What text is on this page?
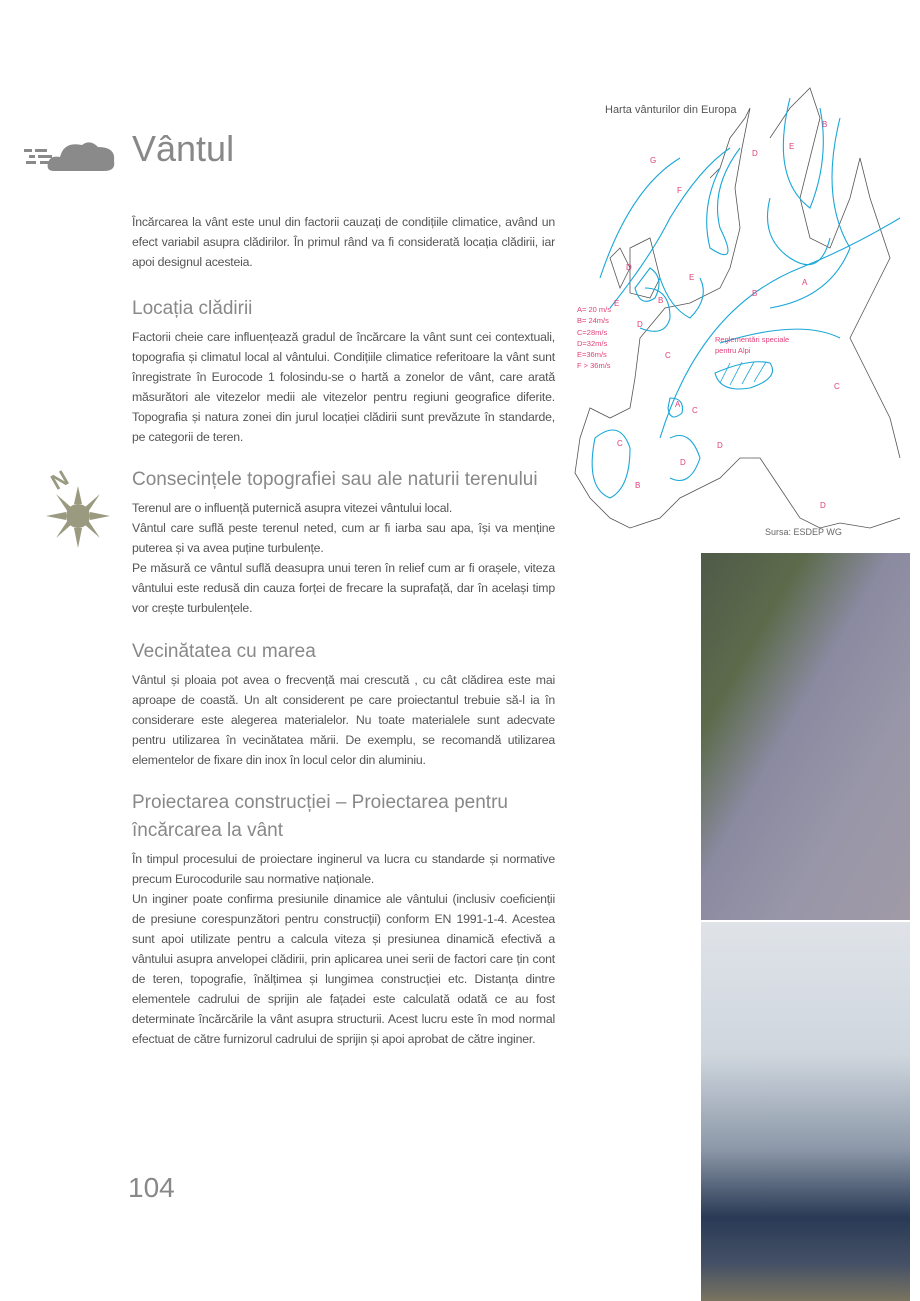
Vântul

Încărcarea la vânt este unul din factorii cauzați de condițiile climatice, având un efect variabil asupra clădirilor. În primul rând va fi considerată locația clădirii, iar apoi designul acesteia.

Locația clădirii

Factorii cheie care influențează gradul de încărcare la vânt sunt cei contextuali, topografia și climatul local al vântului. Condițiile climatice referitoare la vânt sunt înregistrate în Eurocode 1 folosindu-se o hartă a zonelor de vânt, care arată măsurători ale vitezelor medii ale vitezelor pentru regiuni geografice diferite. Topografia și natura zonei din jurul locației clădirii sunt prevăzute în standarde, pe categorii de teren.

N	Consecințele topografiei sau ale naturii terenului

Terenul are o influență puternică asupra vitezei vântului local.

Vântul care suflă peste terenul neted, cum ar fi iarba sau apa, își va menține puterea și va avea puține turbulențe.

Pe măsură ce vântul suflă deasupra unui teren în relief cum ar fi orașele, viteza vântului este redusă din cauza forței de frecare la suprafață, dar în același timp vor crește turbulențele.

Vecinătatea cu marea

Vântul și ploaia pot avea o frecvență mai crescută , cu cât clădirea este mai aproape de coastă. Un alt considerent pe care proiectantul trebuie să-l ia în considerare este alegerea materialelor. Nu toate materialele sunt adecvate pentru utilizarea în vecinătatea mării. De exemplu, se recomandă utilizarea elementelor de fixare din inox în locul celor din aluminiu.

Proiectarea construcției – Proiectarea pentru încărcarea la vânt

În timpul procesului de proiectare inginerul va lucra cu standarde și normative precum Eurocodurile sau normative naționale.

Un inginer poate confirma presiunile dinamice ale vântului (inclusiv coeficienții de presiune corespunzători pentru construcții) conform EN 1991-1-4. Acestea sunt apoi utilizate pentru a calcula viteza și presiunea dinamică efectivă a vântului asupra anvelopei clădirii, prin aplicarea unei serii de factori care țin cont de teren, topografie, înălțimea și lungimea construcției etc. Distanța dintre elementele cadrului de sprijin ale fațadei este calculată odată ce au fost determinate încărcările la vânt asupra structurii. Acest lucru este în mod normal efectuat de către furnizorul cadrului de sprijin și apoi aprobat de către inginer.

G
F
D
B
E
A
E
D
B
E
D
C
A
C
C
B
D
D
D
B
C
Harta vânturilor din Europa
A= 20 m/s
B= 24m/s
C=28m/s
D=32m/s
E=36m/s
F > 36m/s
Reglementări speciale
pentru Alpi
Sursa: ESDEP WG
104
